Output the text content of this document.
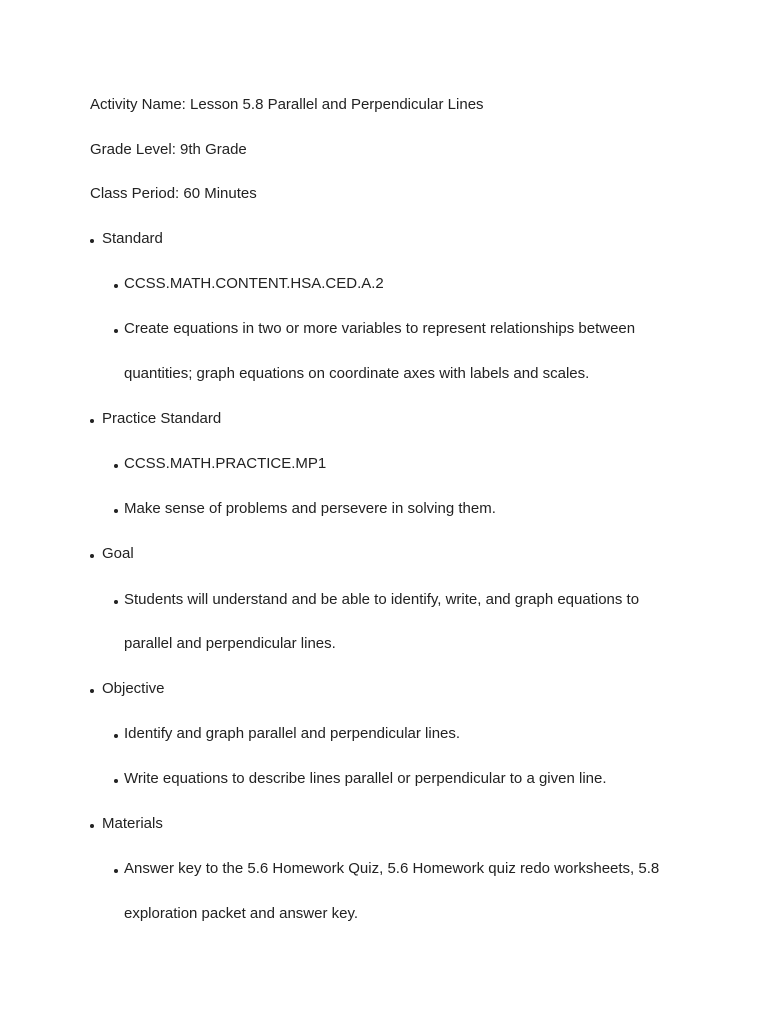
Activity Name: Lesson 5.8 Parallel and Perpendicular Lines
Grade Level: 9th Grade
Class Period: 60 Minutes
Standard
CCSS.MATH.CONTENT.HSA.CED.A.2
Create equations in two or more variables to represent relationships between
quantities; graph equations on coordinate axes with labels and scales.
Practice Standard
CCSS.MATH.PRACTICE.MP1
Make sense of problems and persevere in solving them.
Goal
Students will understand and be able to identify, write, and graph equations to
parallel and perpendicular lines.
Objective
Identify and graph parallel and perpendicular lines.
Write equations to describe lines parallel or perpendicular to a given line.
Materials
Answer key to the 5.6 Homework Quiz, 5.6 Homework quiz redo worksheets, 5.8
exploration packet and answer key.
